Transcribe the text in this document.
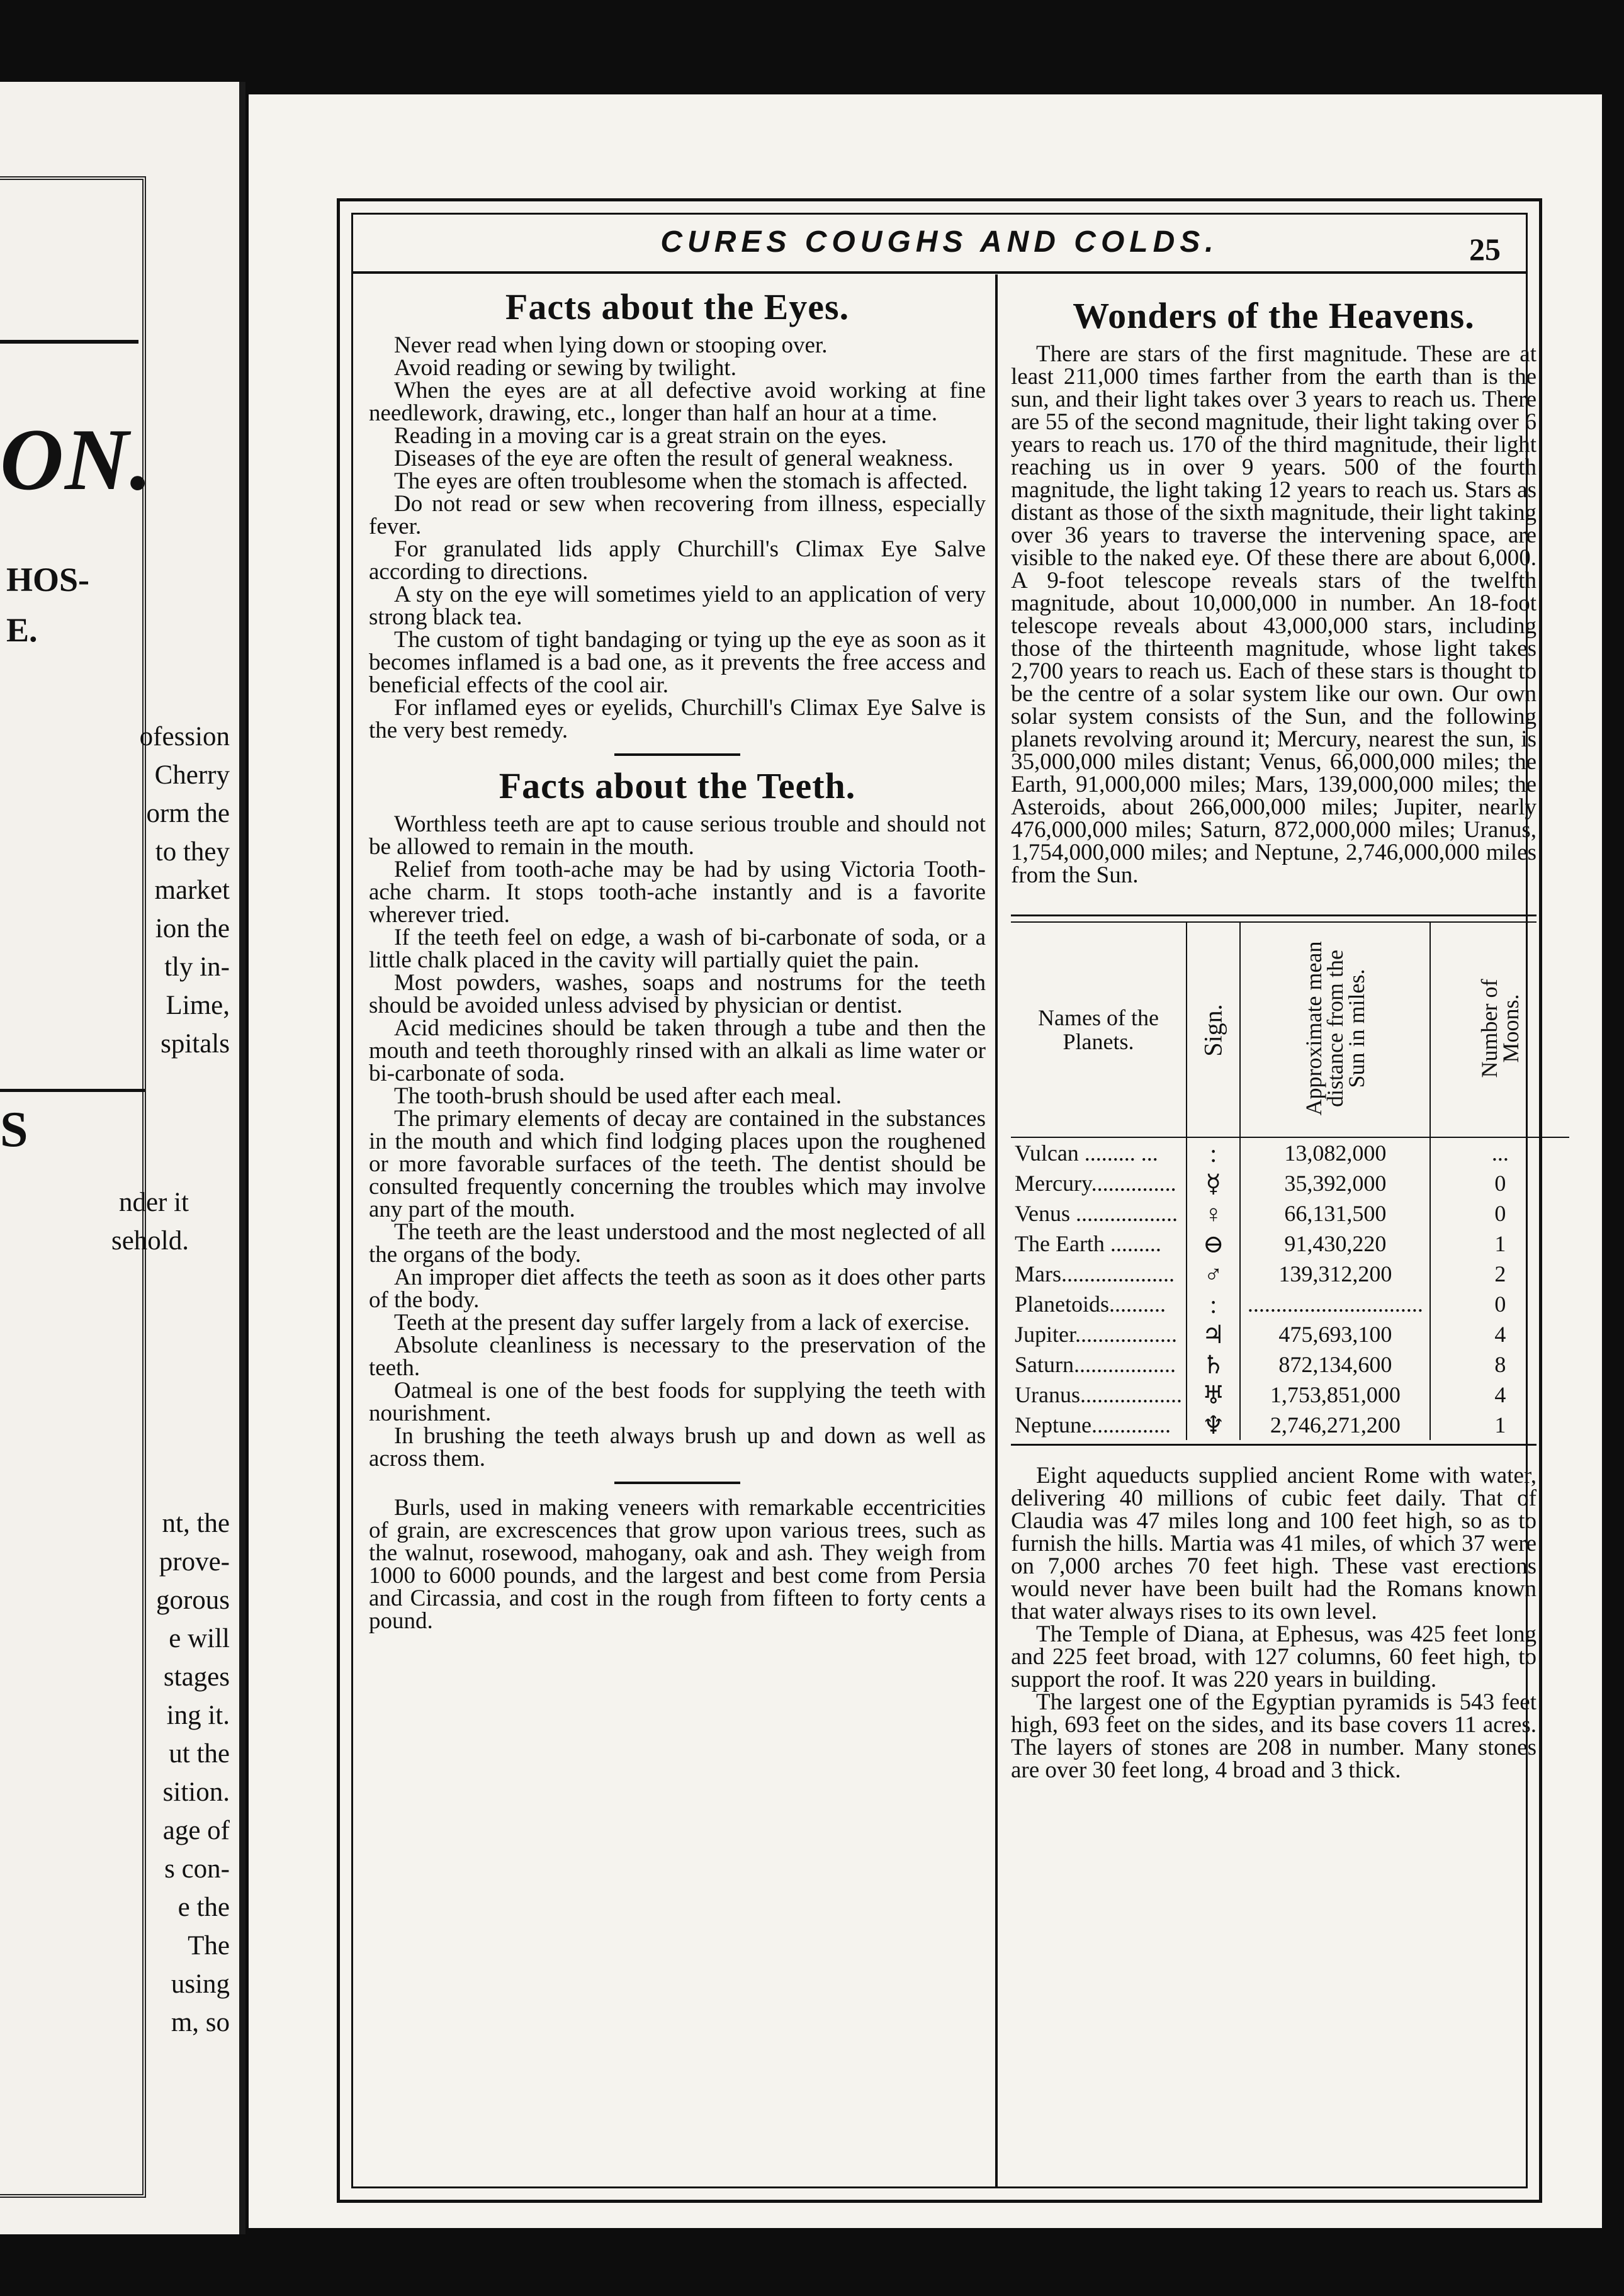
ON.
HOS-
E.
ofession
Cherry
orm the
to they
market
ion the
tly in-
Lime,
spitals
S
nder it
sehold.
nt, the
prove-
gorous
e will
stages
ing it.
ut the
sition.
age of
s con-
e the
The
using
m, so
CURES COUGHS AND COLDS.	25
Facts about the Eyes.

Never read when lying down or stooping over.

Avoid reading or sewing by twilight.

When the eyes are at all defective avoid working at fine needlework, drawing, etc., longer than half an hour at a time.

Reading in a moving car is a great strain on the eyes.

Diseases of the eye are often the result of general weakness.

The eyes are often troublesome when the stomach is affected.

Do not read or sew when recovering from illness, especially fever.

For granulated lids apply Churchill's Climax Eye Salve according to directions.

A sty on the eye will sometimes yield to an application of very strong black tea.

The custom of tight bandaging or tying up the eye as soon as it becomes inflamed is a bad one, as it prevents the free access and beneficial effects of the cool air.

For inflamed eyes or eyelids, Churchill's Climax Eye Salve is the very best remedy.

Facts about the Teeth.

Worthless teeth are apt to cause serious trouble and should not be allowed to remain in the mouth.

Relief from tooth-ache may be had by using Victoria Tooth-ache charm. It stops tooth-ache instantly and is a favorite wherever tried.

If the teeth feel on edge, a wash of bi-carbonate of soda, or a little chalk placed in the cavity will partially quiet the pain.

Most powders, washes, soaps and nostrums for the teeth should be avoided unless advised by physician or dentist.

Acid medicines should be taken through a tube and then the mouth and teeth thoroughly rinsed with an alkali as lime water or bi-carbonate of soda.

The tooth-brush should be used after each meal.

The primary elements of decay are contained in the substances in the mouth and which find lodging places upon the roughened or more favorable surfaces of the teeth. The dentist should be consulted frequently concerning the troubles which may involve any part of the mouth.

The teeth are the least understood and the most neglected of all the organs of the body.

An improper diet affects the teeth as soon as it does other parts of the body.

Teeth at the present day suffer largely from a lack of exercise.

Absolute cleanliness is necessary to the preservation of the teeth.

Oatmeal is one of the best foods for supplying the teeth with nourishment.

In brushing the teeth always brush up and down as well as across them.

Burls, used in making veneers with remarkable eccentricities of grain, are excrescences that grow upon various trees, such as the walnut, rosewood, mahogany, oak and ash. They weigh from 1000 to 6000 pounds, and the largest and best come from Persia and Circassia, and cost in the rough from fifteen to forty cents a pound.

Wonders of the Heavens.

There are stars of the first magnitude. These are at least 211,000 times farther from the earth than is the sun, and their light takes over 3 years to reach us. There are 55 of the second magnitude, their light taking over 6 years to reach us. 170 of the third magnitude, their light reaching us in over 9 years. 500 of the fourth magnitude, the light taking 12 years to reach us. Stars as distant as those of the sixth magnitude, their light taking over 36 years to traverse the intervening space, are visible to the naked eye. Of these there are about 6,000. A 9-foot telescope reveals stars of the twelfth magnitude, about 10,000,000 in number. An 18-foot telescope reveals about 43,000,000 stars, including those of the thirteenth magnitude, whose light takes 2,700 years to reach us. Each of these stars is thought to be the centre of a solar system like our own. Our own solar system consists of the Sun, and the following planets revolving around it; Mercury, nearest the sun, is 35,000,000 miles distant; Venus, 66,000,000 miles; the Earth, 91,000,000 miles; Mars, 139,000,000 miles; the Asteroids, about 266,000,000 miles; Jupiter, nearly 476,000,000 miles; Saturn, 872,000,000 miles; Uranus, 1,754,000,000 miles; and Neptune, 2,746,000,000 miles from the Sun.

Names of the Planets.	Sign.	Approximate mean distance from the Sun in miles.	Number of Moons.
Vulcan ......... ...	:	13,082,000	...
Mercury...............	☿	35,392,000	0
Venus ..................	♀	66,131,500	0
The Earth .........	⊖	91,430,220	1
Mars....................	♂	139,312,200	2
Planetoids..........	:	...............................	0
Jupiter..................	♃	475,693,100	4
Saturn..................	♄	872,134,600	8
Uranus..................	♅	1,753,851,000	4
Neptune..............	♆	2,746,271,200	1

Eight aqueducts supplied ancient Rome with water, delivering 40 millions of cubic feet daily. That of Claudia was 47 miles long and 100 feet high, so as to furnish the hills. Martia was 41 miles, of which 37 were on 7,000 arches 70 feet high. These vast erections would never have been built had the Romans known that water always rises to its own level.

The Temple of Diana, at Ephesus, was 425 feet long and 225 feet broad, with 127 columns, 60 feet high, to support the roof. It was 220 years in building.

The largest one of the Egyptian pyramids is 543 feet high, 693 feet on the sides, and its base covers 11 acres. The layers of stones are 208 in number. Many stones are over 30 feet long, 4 broad and 3 thick.
